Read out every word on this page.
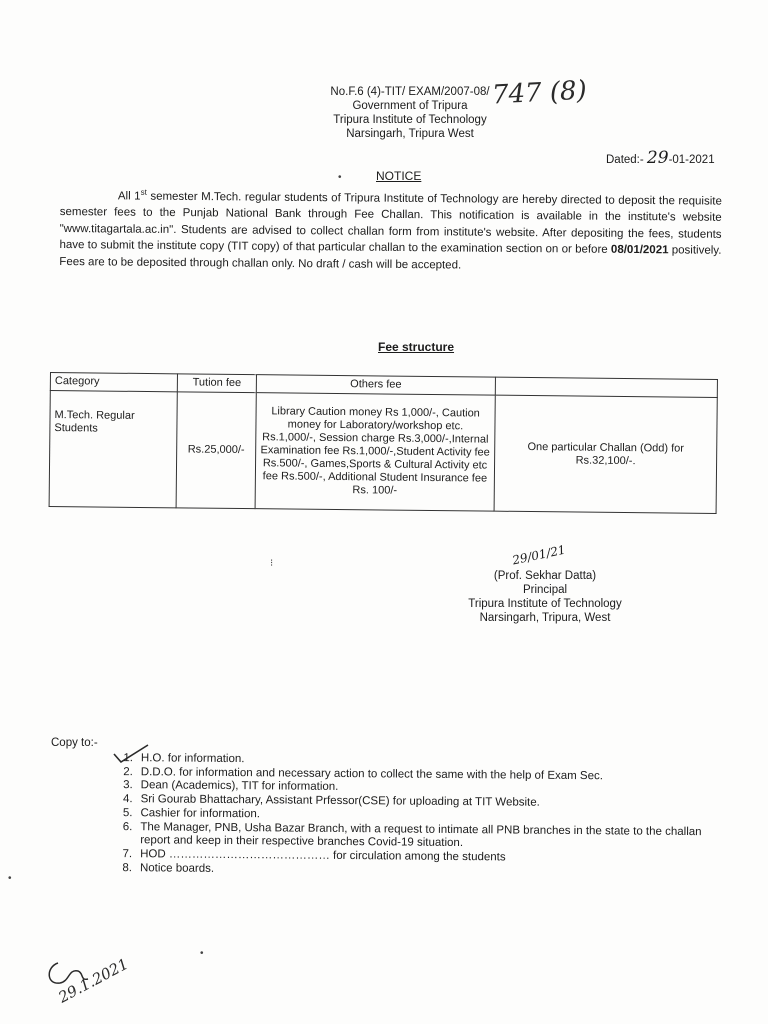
No.F.6 (4)-TIT/ EXAM/2007-08/
Government of Tripura
Tripura Institute of Technology
Narsingarh, Tripura West
747 (8)
Dated:- 29-01-2021
NOTICE
•

All 1st semester M.Tech. regular students of Tripura Institute of Technology are hereby directed to deposit the requisite semester fees to the Punjab National Bank through Fee Challan. This notification is available in the institute's website "www.titagartala.ac.in". Students are advised to collect challan form from institute's website. After depositing the fees, students have to submit the institute copy (TIT copy) of that particular challan to the examination section on or before 08/01/2021 positively. Fees are to be deposited through challan only. No draft / cash will be accepted.

Fee structure
Category	Tution fee	Others fee	
M.Tech. Regular Students	Rs.25,000/-	Library Caution money Rs 1,000/-, Caution money for Laboratory/workshop etc. Rs.1,000/-, Session charge Rs.3,000/-,Internal Examination fee Rs.1,000/-,Student Activity fee Rs.500/-, Games,Sports & Cultural Activity etc fee Rs.500/-, Additional Student Insurance fee Rs. 100/-	One particular Challan (Odd) for Rs.32,100/-.
⁝	29/01/21
(Prof. Sekhar Datta)
Principal
Tripura Institute of Technology
Narsingarh, Tripura, West
Copy to:-
1. H.O. for information.
2. D.D.O. for information and necessary action to collect the same with the help of Exam Sec.
3. Dean (Academics), TIT for information.
4. Sri Gourab Bhattachary, Assistant Prfessor(CSE) for uploading at TIT Website.
5. Cashier for information.
6. The Manager, PNB, Usha Bazar Branch, with a request to intimate all PNB branches in the state to the challan report and keep in their respective branches Covid-19 situation.
7. HOD …………………………………… for circulation among the students
8. Notice boards.
•
•
29.1.2021
